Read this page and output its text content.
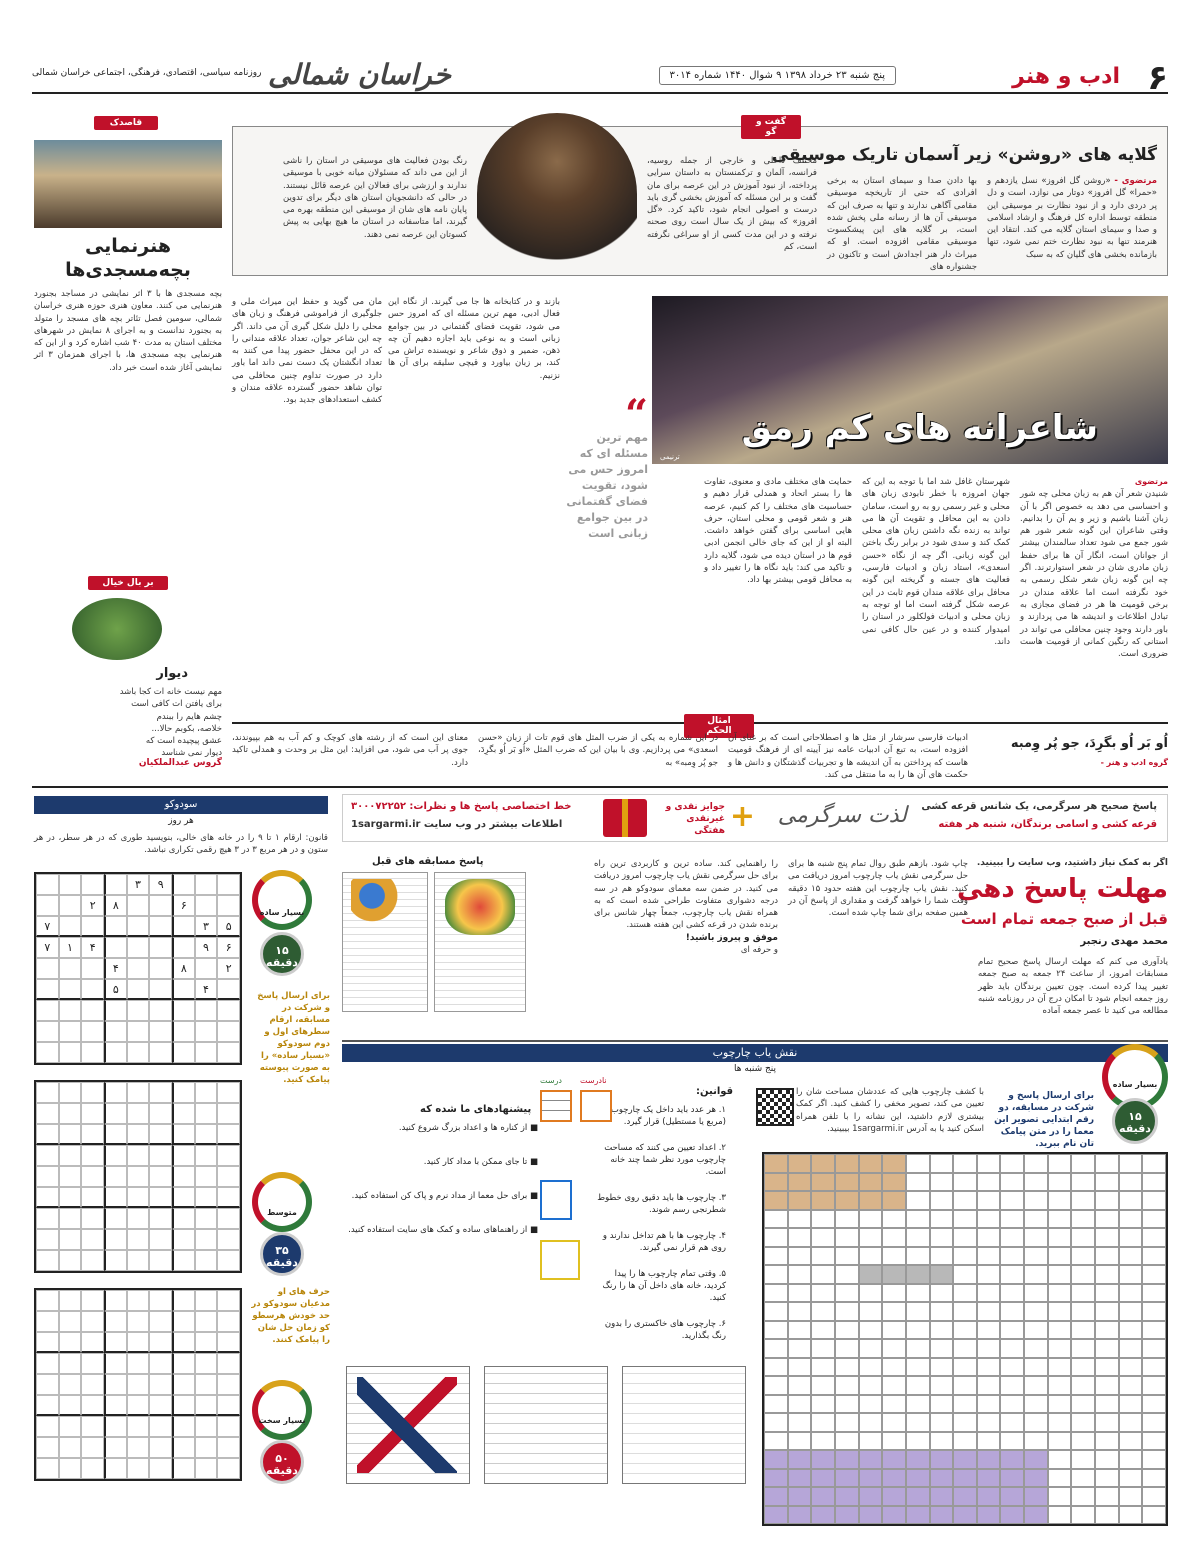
۶
ادب و هنر
پنج شنبه ۲۳ خرداد ۱۳۹۸ ۹ شوال ۱۴۴۰ شماره ۳۰۱۴
خراسان شمالی
روزنامه سیاسی، اقتصادی، فرهنگی، اجتماعی خراسان شمالی
گفت و گو
گلایه های «روشن» زیر آسمان تاریک موسیقی
مرتضوی - «روشن گل افروز» نسل یازدهم و «حمرا» گل افروز» دوتار می نوازد، است و دل پر دردی دارد و از نبود نظارت بر موسیقی این منطقه توسط اداره کل فرهنگ و ارشاد اسلامی و صدا و سیمای استان گلایه می کند. انتقاد این هنرمند تنها به نبود نظارت ختم نمی شود، تنها بازمانده بخشی های گلیان که به سبک
بها دادن صدا و سیمای استان به برخی افرادی که حتی از تاریخچه موسیقی مقامی آگاهی ندارند و تنها به صرف این که موسیقی آن ها از رسانه ملی پخش شده است، بر گلایه های این پیشکسوت موسیقی مقامی افزوده است. او که میراث دار هنر اجدادش است و تاکنون در جشنواره های
مختلف داخلی و خارجی از جمله روسیه، فرانسه، آلمان و ترکمنستان به داستان سرایی پرداخته، از نبود آموزش در این عرصه برای مان گفت و بر این مسئله که آموزش بخشی گری باید درست و اصولی انجام شود، تاکید کرد. «گل افروز» که بیش از یک سال است روی صحنه نرفته و در این مدت کسی از او سراغی نگرفته است، کم
رنگ بودن فعالیت های موسیقی در استان را ناشی از این می داند که مسئولان میانه خوبی با موسیقی ندارند و ارزشی برای فعالان این عرصه قائل نیستند. در حالی که دانشجویان استان های دیگر برای تدوین پایان نامه های شان از موسیقی این منطقه بهره می گیرند، اما متاسفانه در استان ما هیچ بهایی به پیش کسوتان این عرصه نمی دهند.
قاصدک
هنرنمایی بچه‌مسجدی‌ها
بچه مسجدی ها با ۳ اثر نمایشی در مساجد بجنورد هنرنمایی می کنند. معاون هنری حوزه هنری خراسان شمالی، سومین فصل تئاتر بچه های مسجد را متولد به بجنورد ندانست و به اجرای ۸ نمایش در شهرهای مختلف استان به مدت ۴۰ شب اشاره کرد و از این که هنرنمایی بچه مسجدی ها، با اجرای همزمان ۳ اثر نمایشی آغاز شده است خبر داد.
بر بال خیال
دیوار
مهم نیست خانه ات کجا باشد
برای یافتن ات کافی است
چشم هایم را ببندم
خلاصه، بکوبم حالا...
عشق پیچیده است که
دیوار نمی شناسد
گروس عبدالملکیان
شاعرانه های کم رمق
ترنیمی
مرتضوی
شنیدن شعر آن هم به زبان محلی چه شور و احساسی می دهد به خصوص اگر با آن زبان آشنا باشیم و زیر و بم آن را بدانیم. وقتی شاعران این گونه شعر شور هم شور جمع می شود تعداد سالمندان بیشتر از جوانان است، انگار آن ها برای حفظ زبان مادری شان در شعر استوارترند. اگر چه این گونه زبان شعر شکل رسمی به خود نگرفته است اما علاقه مندان در برخی قومیت ها هر در فضای مجازی به تبادل اطلاعات و اندیشه ها می پردازند و باور دارند وجود چنین محافلی می تواند در استانی که رنگین کمانی از قومیت هاست ضروری است.
شهرستان غافل شد اما با توجه به این که جهان امروزه با خطر نابودی زبان های محلی و غیر رسمی رو به رو است، سامان دادن به این محافل و تقویت آن ها می تواند به زنده نگه داشتن زبان های محلی کمک کند و سدی شود در برابر رنگ باختن این گونه زبانی. اگر چه از نگاه «حسن اسعدی»، استاد زبان و ادبیات فارسی، فعالیت های جسته و گریخته این گونه محافل برای علاقه مندان قوم ثابت در این عرصه شکل گرفته است اما او توجه به زبان محلی و ادبیات فولکلور در استان را امیدوار کننده و در عین حال کافی نمی داند.
حمایت های مختلف مادی و معنوی، تفاوت ها را بستر اتحاد و همدلی قرار دهیم و حساسیت های مختلف را کم کنیم، عرصه هنر و شعر قومی و محلی استان، حرف هایی اساسی برای گفتن خواهد داشت. البته او از این که جای خالی انجمن ادبی قوم ها در استان دیده می شود، گلایه دارد و تاکید می کند: باید نگاه ها را تغییر داد و به محافل قومی بیشتر بها داد.
“
مهم ترین مسئله ای که امروز حس می شود، تقویت فضای گفتمانی در بین جوامع زبانی است
بازند و در کتابخانه ها جا می گیرند. از نگاه این فعال ادبی، مهم ترین مسئله ای که امروز حس می شود، تقویت فضای گفتمانی در بین جوامع زبانی است و به نوعی باید اجازه دهیم آن چه ذهن، ضمیر و ذوق شاعر و نویسنده تراش می کند، بر زبان بیاورد و قیچی سلیقه برای آن ها نزنیم.
مان می گوید و حفظ این میراث ملی و جلوگیری از فراموشی فرهنگ و زبان های محلی را دلیل شکل گیری آن می داند. اگر چه این شاعر جوان، تعداد علاقه مندانی را که در این محفل حضور پیدا می کنند به تعداد انگشتان یک دست نمی داند اما باور دارد در صورت تداوم چنین محافلی می توان شاهد حضور گسترده علاقه مندان و کشف استعدادهای جدید بود.
امثال الحکم
اُو بَر اُو بگرِدَ، جو پُر وِمبه
گروه ادب و هنر -
ادبیات فارسی سرشار از مثل ها و اصطلاحاتی است که بر غنای آن افزوده است، به تبع آن ادبیات عامه نیز آیینه ای از فرهنگ قومیت هاست که پرداختن به آن اندیشه ها و تجربیات گذشتگان و دانش ها و حکمت های آن ها را به ما منتقل می کند.
در این شماره به یکی از ضرب المثل های قوم تات از زبان «حسن اسعدی» می پردازیم. وی با بیان این که ضرب المثل «اُو بَر اُو بگرِدَ، جو پُر وِمبه» به
معنای این است که از رشته های کوچک و کم آب به هم بپیوندند، جوی پر آب می شود، می افزاید: این مثل بر وحدت و همدلی تاکید دارد.
پاسخ صحیح هر سرگرمی، یک شانس قرعه کشی
قرعه کشی و اسامی برندگان، شنبه هر هفته
لذت سرگرمی
+
جوایز نقدی و غیرنقدی هفتگی
خط اختصاصی پاسخ ها و نظرات: ۳۰۰۰۷۲۲۵۲
اطلاعات بیشتر در وب سایت 1sargarmi.ir
سودوکو
هر روز
قانون: ارقام ۱ تا ۹ را در خانه های خالی، بنویسید طوری که در هر سطر، در هر ستون و در هر مربع ۳ در ۳ هیچ رقمی تکراری نباشد.
۹
۳
۶
۸
۲
۵
۳
۷
۶
۹
۴
۱
۷
۲
۸
۴
۴
۵
بسیار ساده
۱۵ دقیقه
برای ارسال پاسخ و شرکت در مسابقه، ارقام سطرهای اول و دوم سودوکو «بسیار ساده» را به صورت پیوسته پیامک کنید.
متوسط
۳۵ دقیقه
حرف های او مدعیان سودوکو در حد خودش هرسطو کو زمان حل شان را پیامک کنند.
بسیار سخت
۵۰ دقیقه
اگر به کمک نیاز داشتید، وب سایت را ببینید.
مهلت پاسخ دهی
قبل از صبح جمعه تمام است
محمد مهدی رنجبر
یادآوری می کنم که مهلت ارسال پاسخ صحیح تمام مسابقات امروز، از ساعت ۲۴ جمعه به صبح جمعه تغییر پیدا کرده است. چون تعیین برندگان باید ظهر روز جمعه انجام شود تا امکان درج آن در روزنامه شنبه مطالعه می کنید تا عصر جمعه آماده
چاپ شود. بازهم طبق روال تمام پنج شنبه ها برای حل سرگرمی نقش یاب چارچوب امروز دریافت می کنید. نقش یاب چارچوب این هفته حدود ۱۵ دقیقه وقت شما را خواهد گرفت و مقداری از پاسخ آن در همین صفحه برای شما چاپ شده است.
را راهنمایی کند. ساده ترین و کاربردی ترین راه برای حل سرگرمی نقش یاب چارچوب امروز دریافت می کنید. در ضمن سه معمای سودوکو هم در سه درجه دشواری متفاوت طراحی شده است که به همراه نقش یاب چارچوب، جمعاً چهار شانس برای برنده شدن در قرعه کشی این هفته هستند.
موفق و پیروز باشید!
و حرفه ای
پاسخ مسابقه های قبل
نقش یاب چارچوب
پنج شنبه ها
بسیار ساده
۱۵ دقیقه
برای ارسال پاسخ و شرکت در مسابقه، دو رقم ابتدایی تصویر این معما را در متن پیامک تان نام ببرید.
با کشف چارچوب هایی که عددشان مساحت شان را تعیین می کند، تصویر مخفی را کشف کنید. اگر کمک بیشتری لازم داشتید، این نشانه را با تلفن همراه اسکن کنید یا به آدرس 1sargarmi.ir بیبینید.
قوانین:
۱. هر عدد باید داخل یک چارچوب (مربع یا مستطیل) قرار گیرد.
۲. اعداد تعیین می کنند که مساحت چارچوب مورد نظر شما چند خانه است.
۳. چارچوب ها باید دقیق روی خطوط شطرنجی رسم شوند.
۴. چارچوب ها با هم تداخل ندارند و روی هم قرار نمی گیرند.
۵. وقتی تمام چارچوب ها را پیدا کردید، خانه های داخل آن ها را رنگ کنید.
۶. چارچوب های خاکستری را بدون رنگ بگذارید.
درست نادرست
پیشنهادهای ما شده که
■ از کناره ها و اعداد بزرگ شروع کنید.
■ تا جای ممکن با مداد کار کنید.
■ برای حل معما از مداد نرم و پاک کن استفاده کنید.
■ از راهنماهای ساده و کمک های سایت استفاده کنید.
